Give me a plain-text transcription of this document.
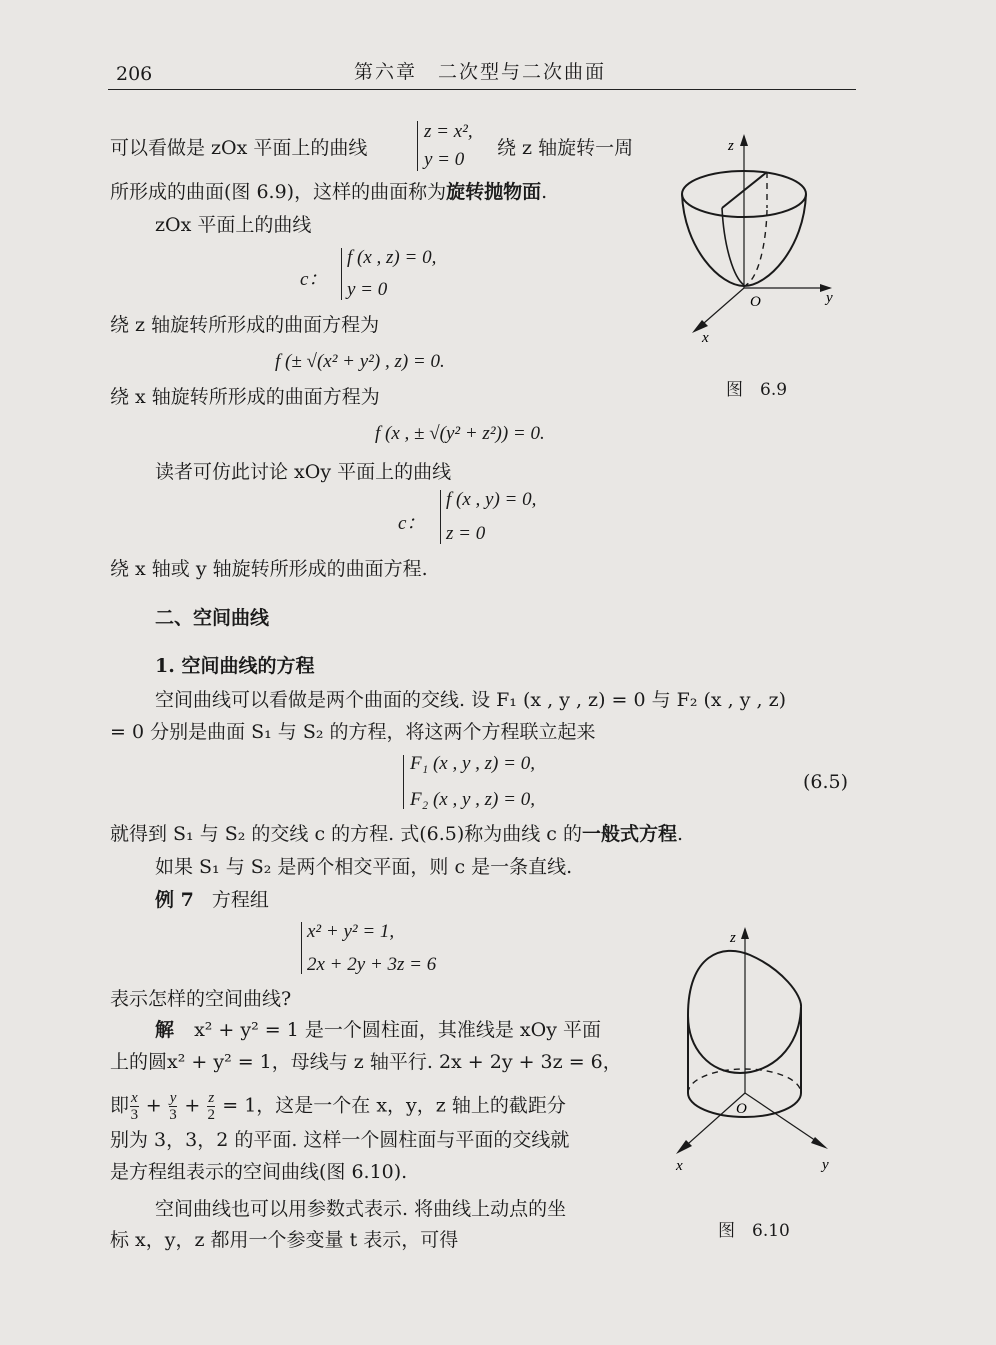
206	第六章　二次型与二次曲面
可以看做是 zOx 平面上的曲线
z = x²,
y = 0
绕 z 轴旋转一周
所形成的曲面(图 6.9)，这样的曲面称为旋转抛物面.
zOx 平面上的曲线
c：
f (x , z) = 0,
y = 0
绕 z 轴旋转所形成的曲面方程为
f (± √(x² + y²) , z) = 0.
绕 x 轴旋转所形成的曲面方程为
f (x , ± √(y² + z²)) = 0.
读者可仿此讨论 xOy 平面上的曲线
c：
f (x , y) = 0,
z = 0
绕 x 轴或 y 轴旋转所形成的曲面方程.
二、空间曲线
1. 空间曲线的方程
空间曲线可以看做是两个曲面的交线. 设 F₁ (x , y , z) = 0 与 F₂ (x , y , z)
= 0 分别是曲面 S₁ 与 S₂ 的方程，将这两个方程联立起来
F₁ (x , y , z) = 0,
F₂ (x , y , z) = 0,
(6.5)
就得到 S₁ 与 S₂ 的交线 c 的方程. 式(6.5)称为曲线 c 的一般式方程.
如果 S₁ 与 S₂ 是两个相交平面，则 c 是一条直线.
例 7 方程组
x² + y² = 1,
2x + 2y + 3z = 6
表示怎样的空间曲线?
解 x² + y² = 1 是一个圆柱面，其准线是 xOy 平面
上的圆x² + y² = 1，母线与 z 轴平行. 2x + 2y + 3z = 6，
即 $\frac{x}{3} + \frac{y}{3} + \frac{z}{2} = 1$，这是一个在 x，y，z 轴上的截距分
别为 3，3，2 的平面. 这样一个圆柱面与平面的交线就
是方程组表示的空间曲线(图 6.10).
空间曲线也可以用参数式表示. 将曲线上动点的坐
标 x，y，z 都用一个参变量 t 表示，可得
z
y
x
O
图　6.9
z
y
x
O
图　6.10
